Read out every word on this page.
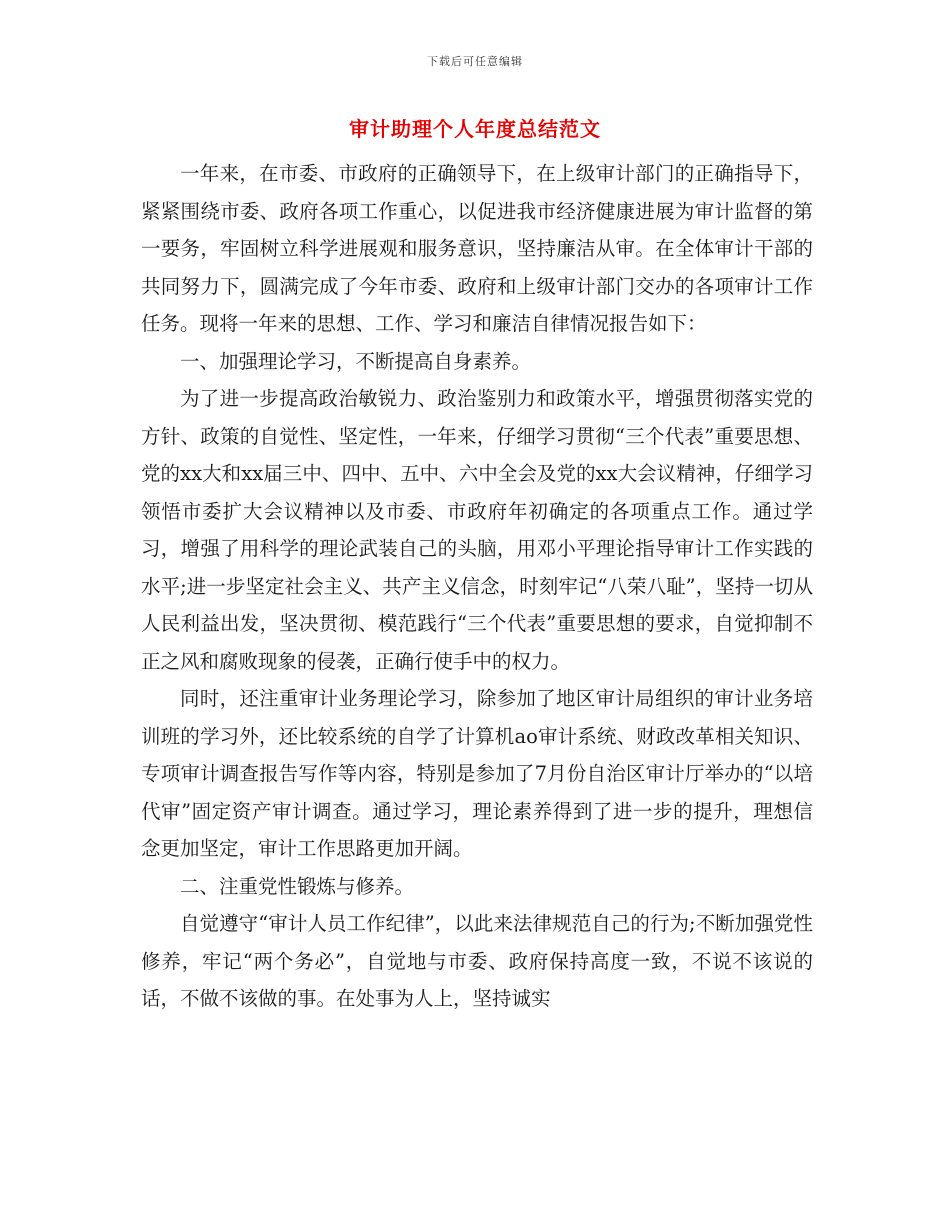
下载后可任意编辑
审计助理个人年度总结范文

一年来，在市委、市政府的正确领导下，在上级审计部门的正确指导下，紧紧围绕市委、政府各项工作重心，以促进我市经济健康进展为审计监督的第一要务，牢固树立科学进展观和服务意识，坚持廉洁从审。在全体审计干部的共同努力下，圆满完成了今年市委、政府和上级审计部门交办的各项审计工作任务。现将一年来的思想、工作、学习和廉洁自律情况报告如下：

一、加强理论学习，不断提高自身素养。

为了进一步提高政治敏锐力、政治鉴别力和政策水平，增强贯彻落实党的方针、政策的自觉性、坚定性，一年来，仔细学习贯彻“三个代表”重要思想、党的xx大和xx届三中、四中、五中、六中全会及党的xx大会议精神，仔细学习领悟市委扩大会议精神以及市委、市政府年初确定的各项重点工作。通过学习，增强了用科学的理论武装自己的头脑，用邓小平理论指导审计工作实践的水平;进一步坚定社会主义、共产主义信念，时刻牢记“八荣八耻”，坚持一切从人民利益出发，坚决贯彻、模范践行“三个代表”重要思想的要求，自觉抑制不正之风和腐败现象的侵袭，正确行使手中的权力。

同时，还注重审计业务理论学习，除参加了地区审计局组织的审计业务培训班的学习外，还比较系统的自学了计算机ao审计系统、财政改革相关知识、专项审计调查报告写作等内容，特别是参加了7月份自治区审计厅举办的“以培代审”固定资产审计调查。通过学习，理论素养得到了进一步的提升，理想信念更加坚定，审计工作思路更加开阔。

二、注重党性锻炼与修养。

自觉遵守“审计人员工作纪律”，以此来法律规范自己的行为;不断加强党性修养，牢记“两个务必”，自觉地与市委、政府保持高度一致，不说不该说的话，不做不该做的事。在处事为人上，坚持诚实
